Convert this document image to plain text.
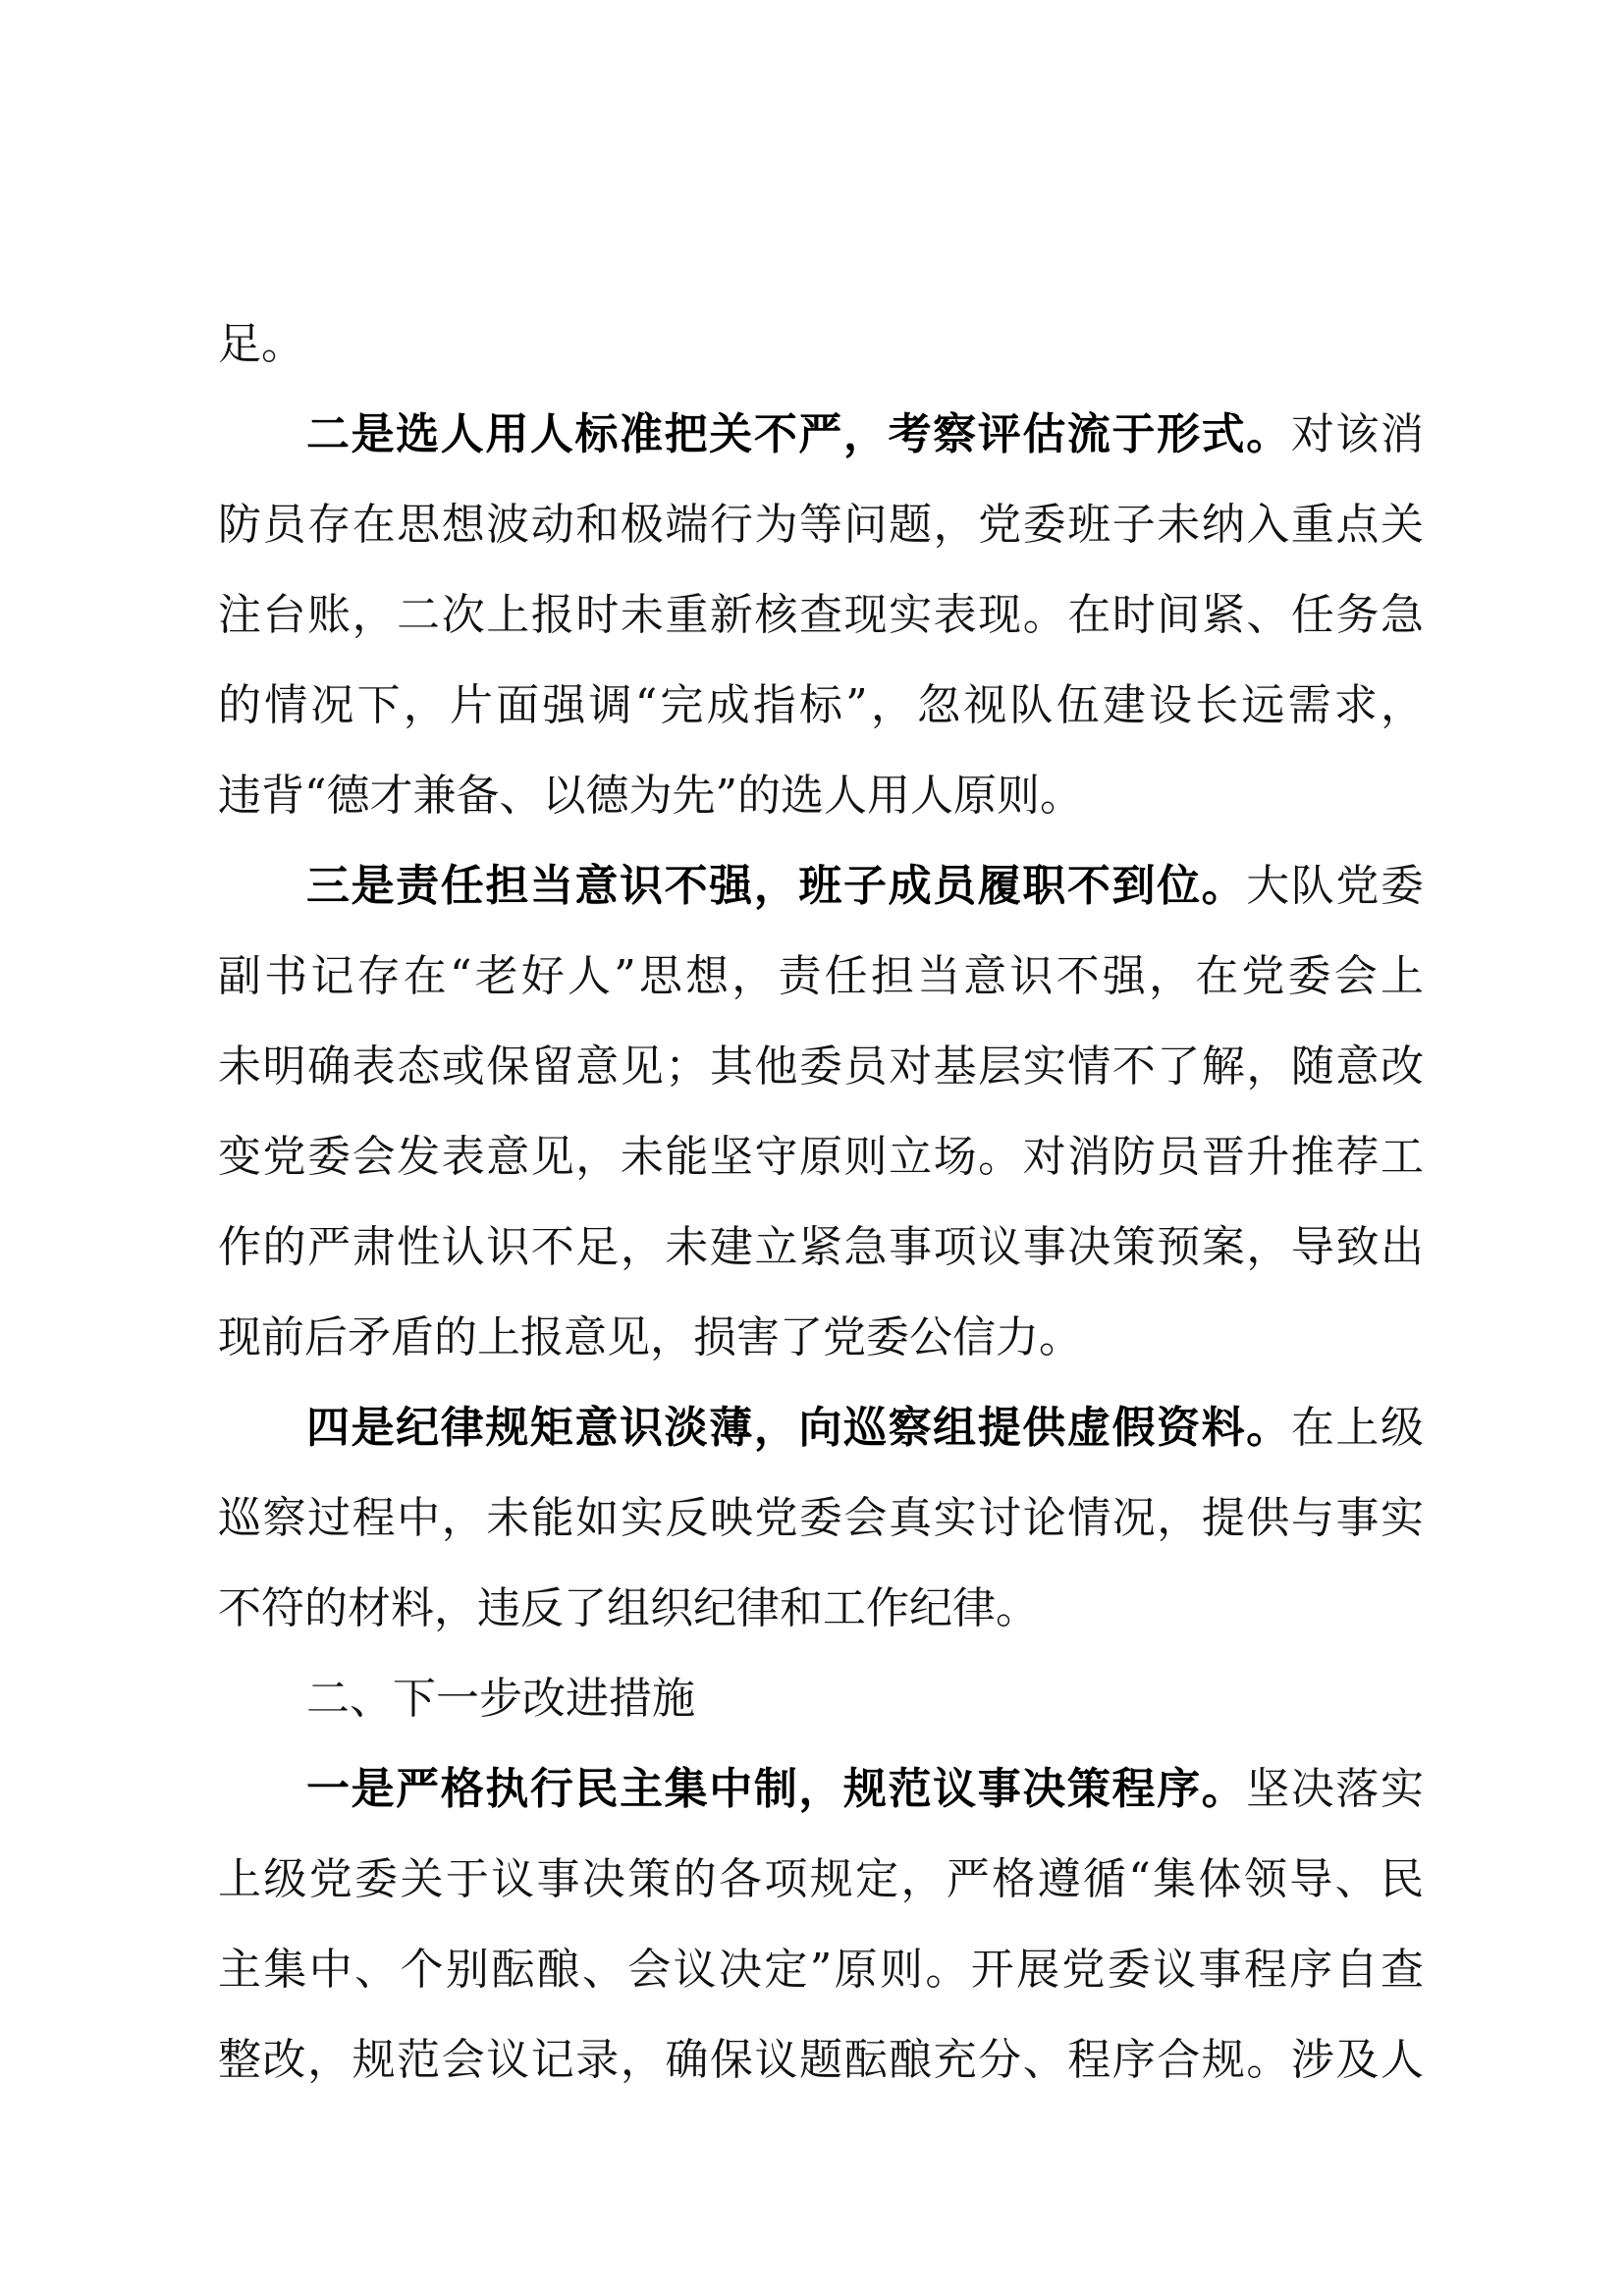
足。
二是选人用人标准把关不严，考察评估流于形式。对该消
防员存在思想波动和极端行为等问题，党委班子未纳入重点关
注台账，二次上报时未重新核查现实表现。在时间紧、任务急
的情况下，片面强调“完成指标”，忽视队伍建设长远需求，
违背“德才兼备、以德为先”的选人用人原则。
三是责任担当意识不强，班子成员履职不到位。大队党委
副书记存在“老好人”思想，责任担当意识不强，在党委会上
未明确表态或保留意见；其他委员对基层实情不了解，随意改
变党委会发表意见，未能坚守原则立场。对消防员晋升推荐工
作的严肃性认识不足，未建立紧急事项议事决策预案，导致出
现前后矛盾的上报意见，损害了党委公信力。
四是纪律规矩意识淡薄，向巡察组提供虚假资料。在上级
巡察过程中，未能如实反映党委会真实讨论情况，提供与事实
不符的材料，违反了组织纪律和工作纪律。
二、下一步改进措施
一是严格执行民主集中制，规范议事决策程序。坚决落实
上级党委关于议事决策的各项规定，严格遵循“集体领导、民
主集中、个别酝酿、会议决定”原则。开展党委议事程序自查
整改，规范会议记录，确保议题酝酿充分、程序合规。涉及人
